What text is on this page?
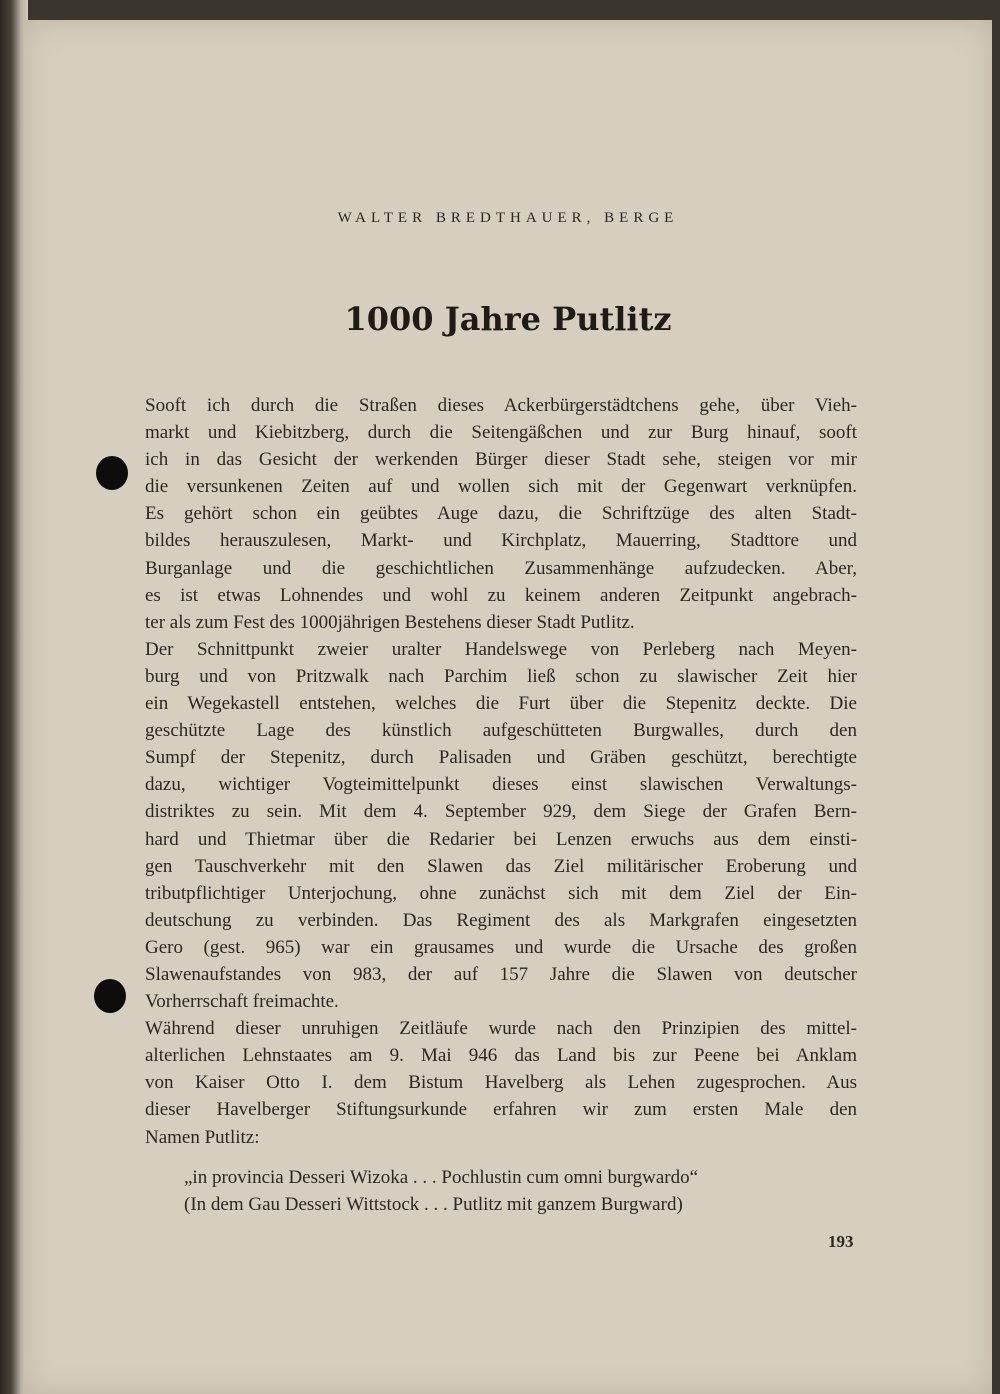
WALTER BREDTHAUER, BERGE
1000 Jahre Putlitz
Sooft ich durch die Straßen dieses Ackerbürgerstädtchens gehe, über Vieh-
markt und Kiebitzberg, durch die Seitengäßchen und zur Burg hinauf, sooft
ich in das Gesicht der werkenden Bürger dieser Stadt sehe, steigen vor mir
die versunkenen Zeiten auf und wollen sich mit der Gegenwart verknüpfen.
Es gehört schon ein geübtes Auge dazu, die Schriftzüge des alten Stadt-
bildes herauszulesen, Markt- und Kirchplatz, Mauerring, Stadttore und
Burganlage und die geschichtlichen Zusammenhänge aufzudecken. Aber,
es ist etwas Lohnendes und wohl zu keinem anderen Zeitpunkt angebrach-
ter als zum Fest des 1000jährigen Bestehens dieser Stadt Putlitz.
Der Schnittpunkt zweier uralter Handelswege von Perleberg nach Meyen-
burg und von Pritzwalk nach Parchim ließ schon zu slawischer Zeit hier
ein Wegekastell entstehen, welches die Furt über die Stepenitz deckte. Die
geschützte Lage des künstlich aufgeschütteten Burgwalles, durch den
Sumpf der Stepenitz, durch Palisaden und Gräben geschützt, berechtigte
dazu, wichtiger Vogteimittelpunkt dieses einst slawischen Verwaltungs-
distriktes zu sein. Mit dem 4. September 929, dem Siege der Grafen Bern-
hard und Thietmar über die Redarier bei Lenzen erwuchs aus dem einsti-
gen Tauschverkehr mit den Slawen das Ziel militärischer Eroberung und
tributpflichtiger Unterjochung, ohne zunächst sich mit dem Ziel der Ein-
deutschung zu verbinden. Das Regiment des als Markgrafen eingesetzten
Gero (gest. 965) war ein grausames und wurde die Ursache des großen
Slawenaufstandes von 983, der auf 157 Jahre die Slawen von deutscher
Vorherrschaft freimachte.
Während dieser unruhigen Zeitläufe wurde nach den Prinzipien des mittel-
alterlichen Lehnstaates am 9. Mai 946 das Land bis zur Peene bei Anklam
von Kaiser Otto I. dem Bistum Havelberg als Lehen zugesprochen. Aus
dieser Havelberger Stiftungsurkunde erfahren wir zum ersten Male den
Namen Putlitz:
„in provincia Desseri Wizoka . . . Pochlustin cum omni burgwardo“
(In dem Gau Desseri Wittstock . . . Putlitz mit ganzem Burgward)
193
